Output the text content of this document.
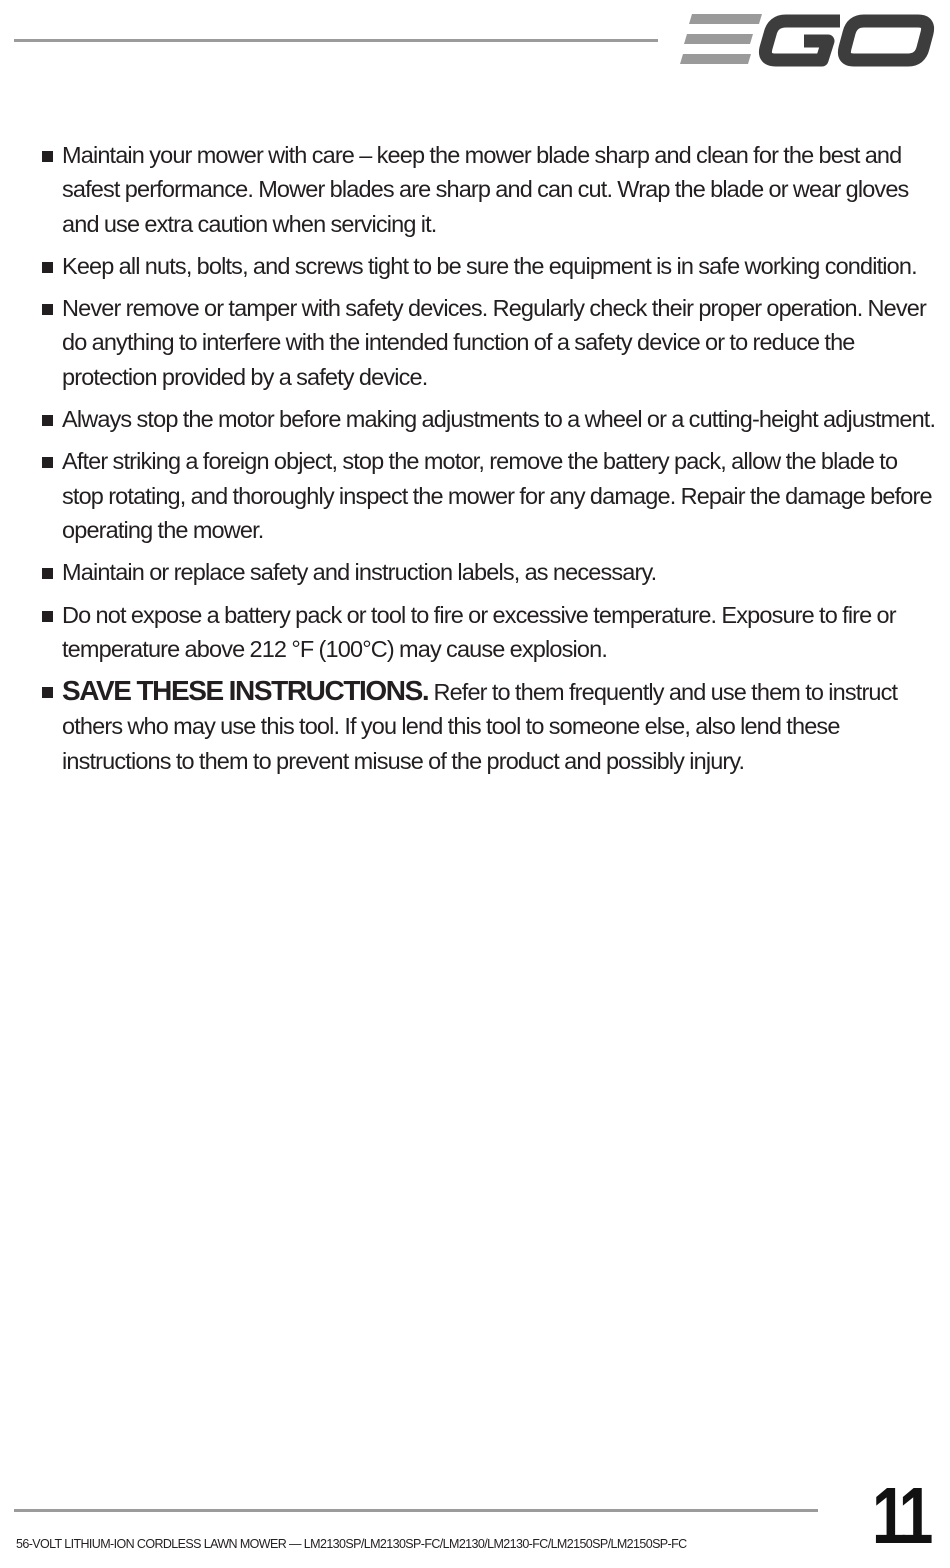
Maintain your mower with care – keep the mower blade sharp and clean for the best and safest performance. Mower blades are sharp and can cut. Wrap the blade or wear gloves and use extra caution when servicing it.
Keep all nuts, bolts, and screws tight to be sure the equipment is in safe working condition.
Never remove or tamper with safety devices. Regularly check their proper operation. Never do anything to interfere with the intended function of a safety device or to reduce the protection provided by a safety device.
Always stop the motor before making adjustments to a wheel or a cutting-height adjustment.
After striking a foreign object, stop the motor, remove the battery pack, allow the blade to stop rotating, and thoroughly inspect the mower for any damage. Repair the damage before operating the mower.
Maintain or replace safety and instruction labels, as necessary.
Do not expose a battery pack or tool to fire or excessive temperature. Exposure to fire or temperature above 212 °F (100°C) may cause explosion.
SAVE THESE INSTRUCTIONS. Refer to them frequently and use them to instruct others who may use this tool. If you lend this tool to someone else, also lend these instructions to them to prevent misuse of the product and possibly injury.
56-VOLT LITHIUM-ION CORDLESS LAWN MOWER — LM2130SP/LM2130SP-FC/LM2130/LM2130-FC/LM2150SP/LM2150SP-FC 11
